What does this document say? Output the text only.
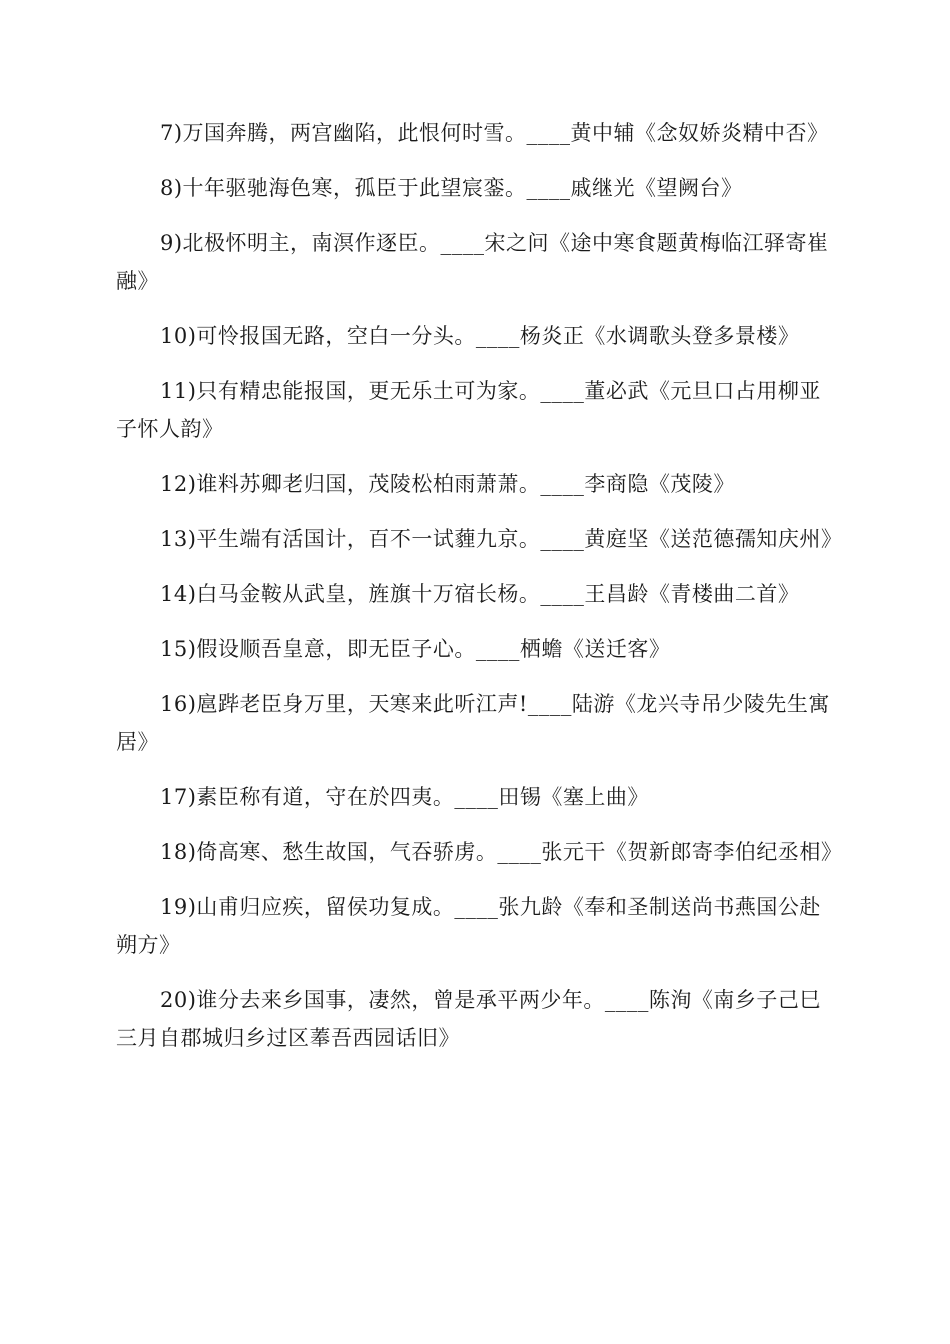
7)万国奔腾，两宫幽陷，此恨何时雪。____黄中辅《念奴娇炎精中否》

8)十年驱驰海色寒，孤臣于此望宸銮。____戚继光《望阙台》

9)北极怀明主，南溟作逐臣。____宋之问《途中寒食题黄梅临江驿寄崔融》

10)可怜报国无路，空白一分头。____杨炎正《水调歌头登多景楼》

11)只有精忠能报国，更无乐土可为家。____董必武《元旦口占用柳亚子怀人韵》

12)谁料苏卿老归国，茂陵松柏雨萧萧。____李商隐《茂陵》

13)平生端有活国计，百不一试薶九京。____黄庭坚《送范德孺知庆州》

14)白马金鞍从武皇，旌旗十万宿长杨。____王昌龄《青楼曲二首》

15)假设顺吾皇意，即无臣子心。____栖蟾《送迁客》

16)扈跸老臣身万里，天寒来此听江声!____陆游《龙兴寺吊少陵先生寓居》

17)素臣称有道，守在於四夷。____田锡《塞上曲》

18)倚高寒、愁生故国，气吞骄虏。____张元干《贺新郎寄李伯纪丞相》

19)山甫归应疾，留侯功复成。____张九龄《奉和圣制送尚书燕国公赴朔方》

20)谁分去来乡国事，凄然，曾是承平两少年。____陈洵《南乡子己巳三月自郡城归乡过区菶吾西园话旧》
